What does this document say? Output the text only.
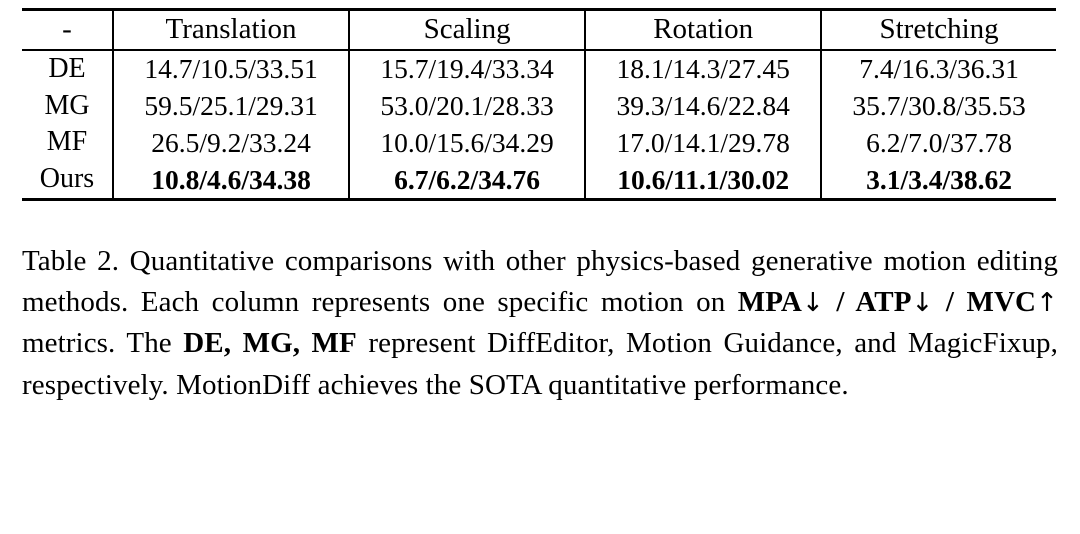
-	Translation	Scaling	Rotation	Stretching
DE	14.7/10.5/33.51	15.7/19.4/33.34	18.1/14.3/27.45	7.4/16.3/36.31
MG	59.5/25.1/29.31	53.0/20.1/28.33	39.3/14.6/22.84	35.7/30.8/35.53
MF	26.5/9.2/33.24	10.0/15.6/34.29	17.0/14.1/29.78	6.2/7.0/37.78
Ours	10.8/4.6/34.38	6.7/6.2/34.76	10.6/11.1/30.02	3.1/3.4/38.62
Table 2. Quantitative comparisons with other physics-based generative motion editing methods. Each column represents one specific motion on MPA↓ / ATP↓ / MVC↑ metrics. The DE, MG, MF represent DiffEditor, Motion Guidance, and MagicFixup, respectively. MotionDiff achieves the SOTA quantitative performance.
